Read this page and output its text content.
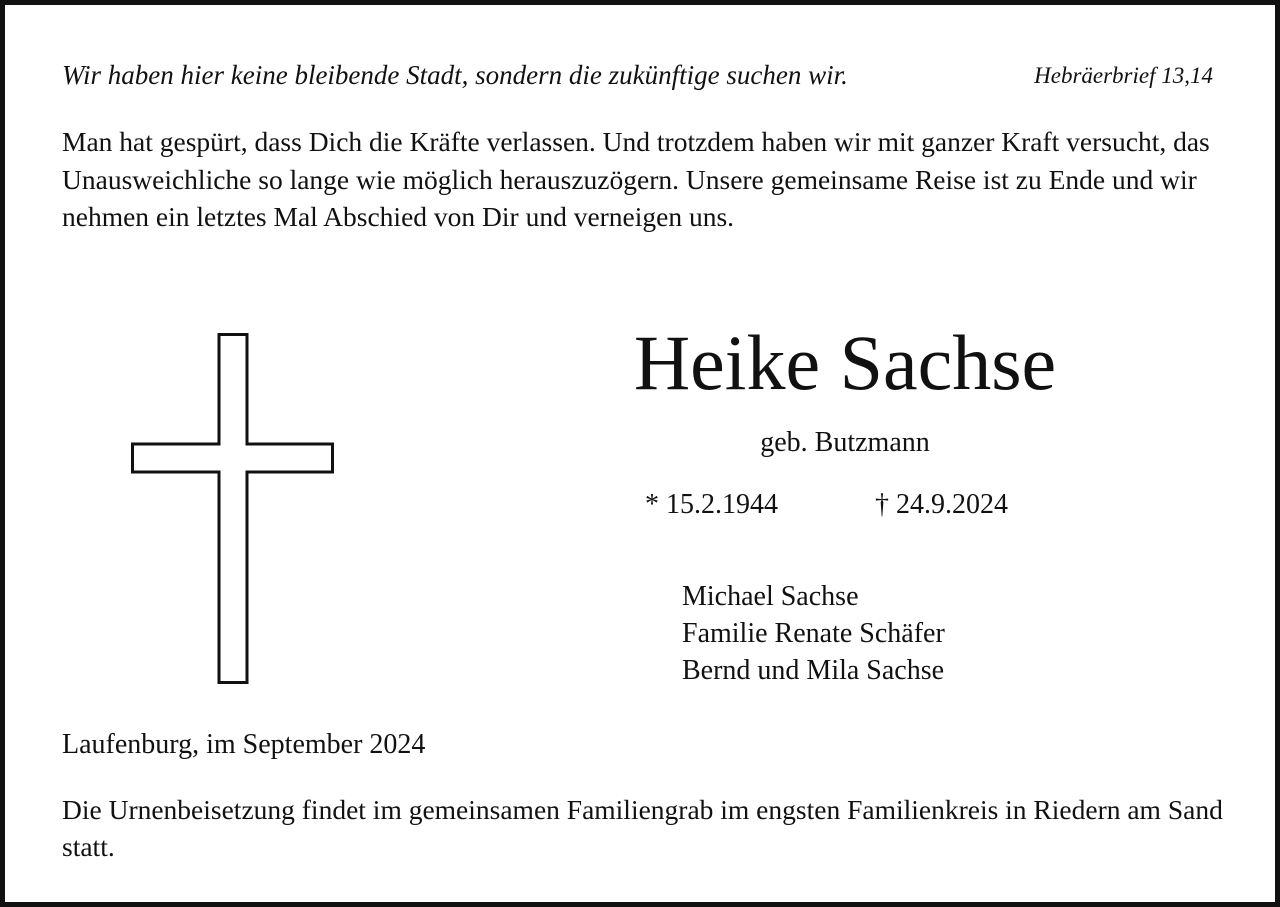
Wir haben hier keine bleibende Stadt, sondern die zukünftige suchen wir.	Hebräerbrief 13,14

Man hat gespürt, dass Dich die Kräfte verlassen. Und trotzdem haben wir mit ganzer Kraft versucht, das Unausweichliche so lange wie möglich herauszuzögern. Unsere gemeinsame Reise ist zu Ende und wir nehmen ein letztes Mal Abschied von Dir und verneigen uns.

Heike Sachse
geb. Butzmann
* 15.2.1944	† 24.9.2024
Michael Sachse
Familie Renate Schäfer
Bernd und Mila Sachse
Laufenburg, im September 2024

Die Urnenbeisetzung findet im gemeinsamen Familiengrab im engsten Familienkreis in Riedern am Sand statt.
